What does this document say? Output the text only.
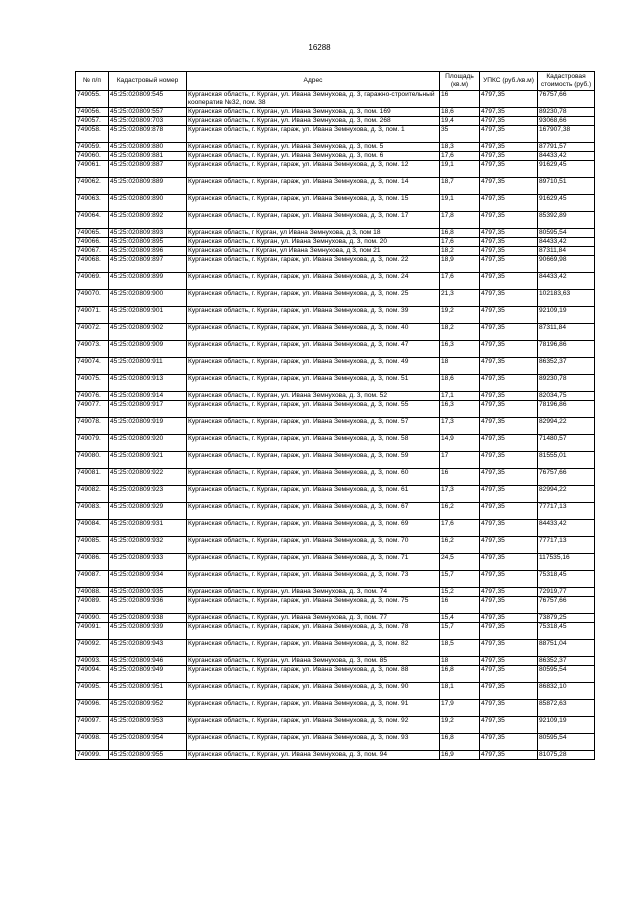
16288
№ п/п	Кадастровый номер	Адрес	Площадь (кв.м)	УПКС (руб./кв.м)	Кадастровая стоимость (руб.)
749055.	45:25:020809:545	Курганская область, г. Курган, ул. Ивана Земнухова, д. 3, гаражно-строительный кооператив №32, пом. 38	16	4797,35	76757,66
749056.	45:25:020809:557	Курганская область, г. Курган, ул. Ивана Земнухова, д. 3, пом. 169	18,6	4797,35	89230,78
749057.	45:25:020809:703	Курганская область, г. Курган, ул. Ивана Земнухова, д. 3, пом. 268	19,4	4797,35	93068,66
749058.	45:25:020809:878	Курганская область, г. Курган, гараж, ул. Ивана Земнухова, д. 3, пом. 1	35	4797,35	167907,38
749059.	45:25:020809:880	Курганская область, г. Курган, ул. Ивана Земнухова, д. 3, пом. 5	18,3	4797,35	87791,57
749060.	45:25:020809:881	Курганская область, г. Курган, ул. Ивана Земнухова, д. 3, пом. 6	17,6	4797,35	84433,42
749061.	45:25:020809:887	Курганская область, г. Курган, гараж, ул. Ивана Земнухова, д. 3, пом. 12	19,1	4797,35	91629,45
749062.	45:25:020809:889	Курганская область, г. Курган, гараж, ул. Ивана Земнухова, д. 3, пом. 14	18,7	4797,35	89710,51
749063.	45:25:020809:890	Курганская область, г. Курган, гараж, ул. Ивана Земнухова, д. 3, пом. 15	19,1	4797,35	91629,45
749064.	45:25:020809:892	Курганская область, г. Курган, гараж, ул. Ивана Земнухова, д. 3, пом. 17	17,8	4797,35	85392,89
749065.	45:25:020809:893	Курганская область, г Курган, ул Ивана Земнухова, д 3, пом 18	16,8	4797,35	80595,54
749066.	45:25:020809:895	Курганская область, г. Курган, ул. Ивана Земнухова, д. 3, пом. 20	17,6	4797,35	84433,42
749067.	45:25:020809:896	Курганская область, г Курган, ул Ивана Земнухова, д 3, пом 21	18,2	4797,35	87311,84
749068.	45:25:020809:897	Курганская область, г. Курган, гараж, ул. Ивана Земнухова, д. 3, пом. 22	18,9	4797,35	90669,98
749069.	45:25:020809:899	Курганская область, г. Курган, гараж, ул. Ивана Земнухова, д. 3, пом. 24	17,6	4797,35	84433,42
749070.	45:25:020809:900	Курганская область, г. Курган, гараж, ул. Ивана Земнухова, д. 3, пом. 25	21,3	4797,35	102183,63
749071.	45:25:020809:901	Курганская область, г. Курган, гараж, ул. Ивана Земнухова, д. 3, пом. 39	19,2	4797,35	92109,19
749072.	45:25:020809:902	Курганская область, г. Курган, гараж, ул. Ивана Земнухова, д. 3, пом. 40	18,2	4797,35	87311,84
749073.	45:25:020809:909	Курганская область, г. Курган, гараж, ул. Ивана Земнухова, д. 3, пом. 47	16,3	4797,35	78196,86
749074.	45:25:020809:911	Курганская область, г. Курган, гараж, ул. Ивана Земнухова, д. 3, пом. 49	18	4797,35	86352,37
749075.	45:25:020809:913	Курганская область, г. Курган, гараж, ул. Ивана Земнухова, д. 3, пом. 51	18,6	4797,35	89230,78
749076.	45:25:020809:914	Курганская область, г. Курган, ул. Ивана Земнухова, д. 3, пом. 52	17,1	4797,35	82034,75
749077.	45:25:020809:917	Курганская область, г. Курган, гараж, ул. Ивана Земнухова, д. 3, пом. 55	16,3	4797,35	78196,86
749078.	45:25:020809:919	Курганская область, г. Курган, гараж, ул. Ивана Земнухова, д. 3, пом. 57	17,3	4797,35	82994,22
749079.	45:25:020809:920	Курганская область, г. Курган, гараж, ул. Ивана Земнухова, д. 3, пом. 58	14,9	4797,35	71480,57
749080.	45:25:020809:921	Курганская область, г. Курган, гараж, ул. Ивана Земнухова, д. 3, пом. 59	17	4797,35	81555,01
749081.	45:25:020809:922	Курганская область, г. Курган, гараж, ул. Ивана Земнухова, д. 3, пом. 60	16	4797,35	76757,66
749082.	45:25:020809:923	Курганская область, г. Курган, гараж, ул. Ивана Земнухова, д. 3, пом. 61	17,3	4797,35	82994,22
749083.	45:25:020809:929	Курганская область, г. Курган, гараж, ул. Ивана Земнухова, д. 3, пом. 67	16,2	4797,35	77717,13
749084.	45:25:020809:931	Курганская область, г. Курган, гараж, ул. Ивана Земнухова, д. 3, пом. 69	17,6	4797,35	84433,42
749085.	45:25:020809:932	Курганская область, г. Курган, гараж, ул. Ивана Земнухова, д. 3, пом. 70	16,2	4797,35	77717,13
749086.	45:25:020809:933	Курганская область, г. Курган, гараж, ул. Ивана Земнухова, д. 3, пом. 71	24,5	4797,35	117535,16
749087.	45:25:020809:934	Курганская область, г. Курган, гараж, ул. Ивана Земнухова, д. 3, пом. 73	15,7	4797,35	75318,45
749088.	45:25:020809:935	Курганская область, г. Курган, ул. Ивана Земнухова, д. 3, пом. 74	15,2	4797,35	72919,77
749089.	45:25:020809:936	Курганская область, г. Курган, гараж, ул. Ивана Земнухова, д. 3, пом. 75	16	4797,35	76757,66
749090.	45:25:020809:938	Курганская область, г. Курган, ул. Ивана Земнухова, д. 3, пом. 77	15,4	4797,35	73879,25
749091.	45:25:020809:939	Курганская область, г. Курган, гараж, ул. Ивана Земнухова, д. 3, пом. 78	15,7	4797,35	75318,45
749092.	45:25:020809:943	Курганская область, г. Курган, гараж, ул. Ивана Земнухова, д. 3, пом. 82	18,5	4797,35	88751,04
749093.	45:25:020809:946	Курганская область, г. Курган, ул. Ивана Земнухова, д. 3, пом. 85	18	4797,35	86352,37
749094.	45:25:020809:949	Курганская область, г. Курган, гараж, ул. Ивана Земнухова, д. 3, пом. 88	16,8	4797,35	80595,54
749095.	45:25:020809:951	Курганская область, г. Курган, гараж, ул. Ивана Земнухова, д. 3, пом. 90	18,1	4797,35	86832,10
749096.	45:25:020809:952	Курганская область, г. Курган, гараж, ул. Ивана Земнухова, д. 3, пом. 91	17,9	4797,35	85872,63
749097.	45:25:020809:953	Курганская область, г. Курган, гараж, ул. Ивана Земнухова, д. 3, пом. 92	19,2	4797,35	92109,19
749098.	45:25:020809:954	Курганская область, г. Курган, гараж, ул. Ивана Земнухова, д. 3, пом. 93	16,8	4797,35	80595,54
749099.	45:25:020809:955	Курганская область, г. Курган, ул. Ивана Земнухова, д. 3, пом. 94	16,9	4797,35	81075,28
